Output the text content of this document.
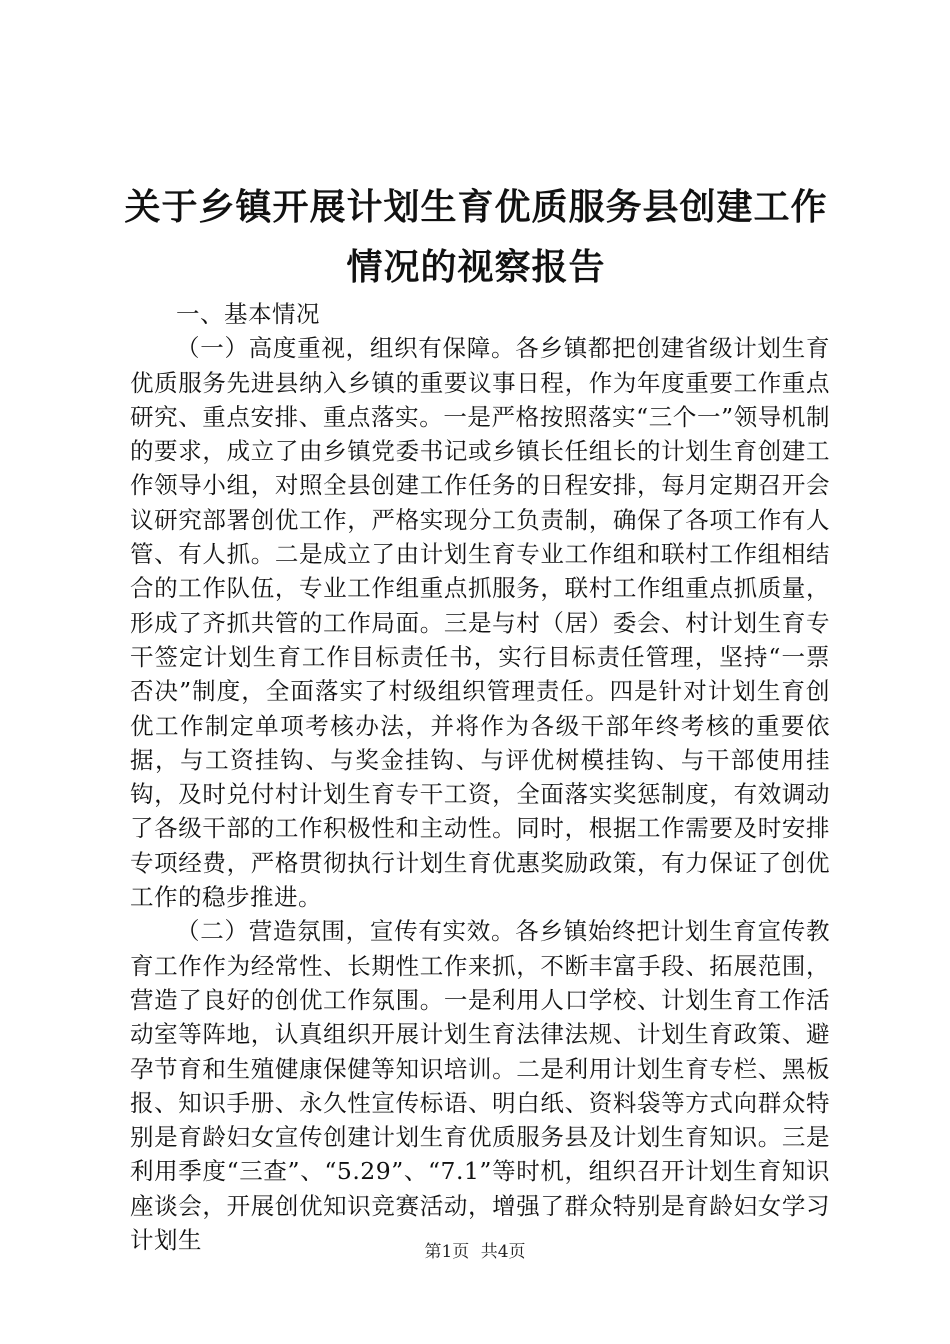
关于乡镇开展计划生育优质服务县创建工作情况的视察报告

一、基本情况

（一）高度重视，组织有保障。各乡镇都把创建省级计划生育优质服务先进县纳入乡镇的重要议事日程，作为年度重要工作重点研究、重点安排、重点落实。一是严格按照落实“三个一”领导机制的要求，成立了由乡镇党委书记或乡镇长任组长的计划生育创建工作领导小组，对照全县创建工作任务的日程安排，每月定期召开会议研究部署创优工作，严格实现分工负责制，确保了各项工作有人管、有人抓。二是成立了由计划生育专业工作组和联村工作组相结合的工作队伍，专业工作组重点抓服务，联村工作组重点抓质量，形成了齐抓共管的工作局面。三是与村（居）委会、村计划生育专干签定计划生育工作目标责任书，实行目标责任管理，坚持“一票否决”制度，全面落实了村级组织管理责任。四是针对计划生育创优工作制定单项考核办法，并将作为各级干部年终考核的重要依据，与工资挂钩、与奖金挂钩、与评优树模挂钩、与干部使用挂钩，及时兑付村计划生育专干工资，全面落实奖惩制度，有效调动了各级干部的工作积极性和主动性。同时，根据工作需要及时安排专项经费，严格贯彻执行计划生育优惠奖励政策，有力保证了创优工作的稳步推进。

（二）营造氛围，宣传有实效。各乡镇始终把计划生育宣传教育工作作为经常性、长期性工作来抓，不断丰富手段、拓展范围，营造了良好的创优工作氛围。一是利用人口学校、计划生育工作活动室等阵地，认真组织开展计划生育法律法规、计划生育政策、避孕节育和生殖健康保健等知识培训。二是利用计划生育专栏、黑板报、知识手册、永久性宣传标语、明白纸、资料袋等方式向群众特别是育龄妇女宣传创建计划生育优质服务县及计划生育知识。三是利用季度“三查”、“5.29”、“7.1”等时机，组织召开计划生育知识座谈会，开展创优知识竞赛活动，增强了群众特别是育龄妇女学习计划生	第1页 共4页
